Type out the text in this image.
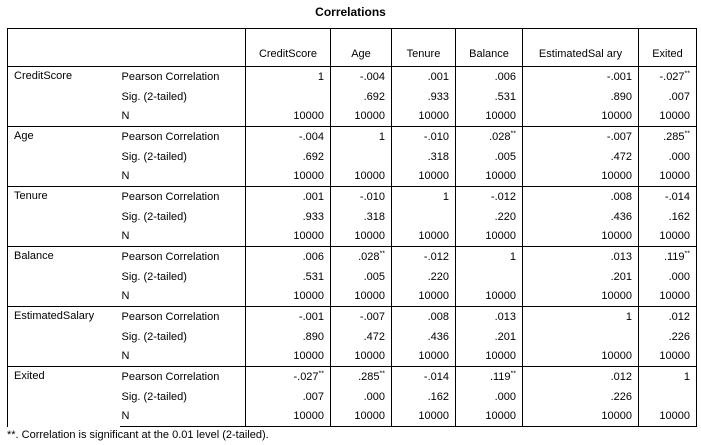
Correlations
		CreditScore	Age	Tenure	Balance	EstimatedSal ary	Exited
CreditScore	Pearson Correlation	1	-.004	.001	.006	-.001	-.027**
	Sig. (2-tailed)		.692	.933	.531	.890	.007
	N	10000	10000	10000	10000	10000	10000
Age	Pearson Correlation	-.004	1	-.010	.028**	-.007	.285**
	Sig. (2-tailed)	.692		.318	.005	.472	.000
	N	10000	10000	10000	10000	10000	10000
Tenure	Pearson Correlation	.001	-.010	1	-.012	.008	-.014
	Sig. (2-tailed)	.933	.318		.220	.436	.162
	N	10000	10000	10000	10000	10000	10000
Balance	Pearson Correlation	.006	.028**	-.012	1	.013	.119**
	Sig. (2-tailed)	.531	.005	.220		.201	.000
	N	10000	10000	10000	10000	10000	10000
EstimatedSalary	Pearson Correlation	-.001	-.007	.008	.013	1	.012
	Sig. (2-tailed)	.890	.472	.436	.201		.226
	N	10000	10000	10000	10000	10000	10000
Exited	Pearson Correlation	-.027**	.285**	-.014	.119**	.012	1
	Sig. (2-tailed)	.007	.000	.162	.000	.226	
	N	10000	10000	10000	10000	10000	10000
**. Correlation is significant at the 0.01 level (2-tailed).
